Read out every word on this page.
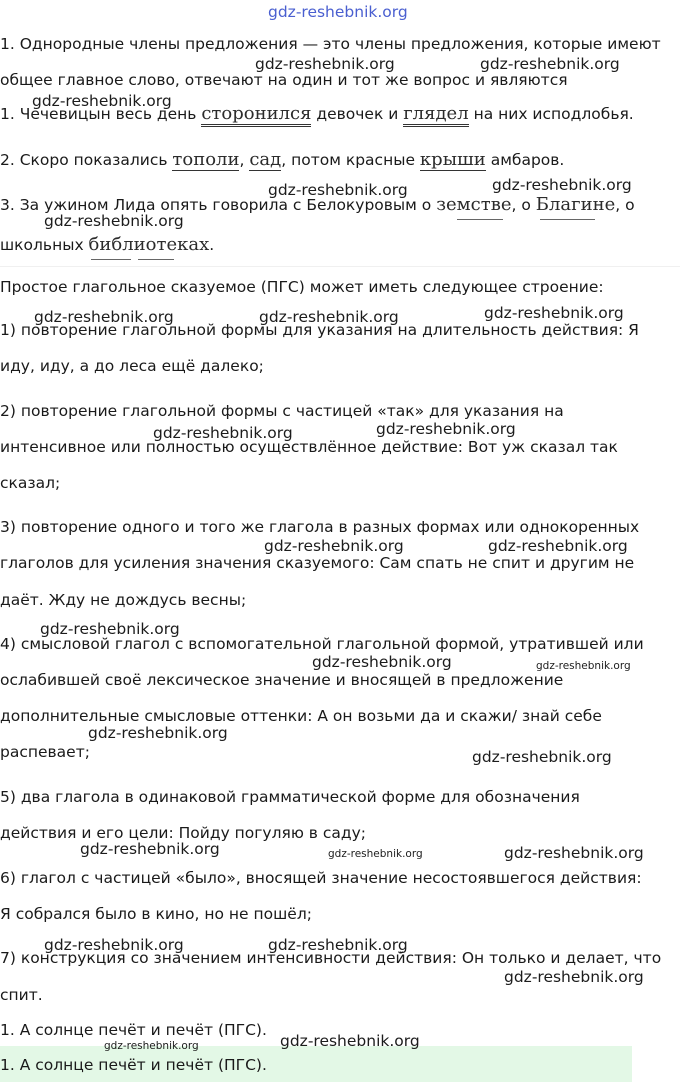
gdz-reshebnik.org
gdz-reshebnik.org	gdz-reshebnik.org
gdz-reshebnik.org
gdz-reshebnik.org	gdz-reshebnik.org
gdz-reshebnik.org
gdz-reshebnik.org	gdz-reshebnik.org	gdz-reshebnik.org
gdz-reshebnik.org	gdz-reshebnik.org
gdz-reshebnik.org	gdz-reshebnik.org
gdz-reshebnik.org
gdz-reshebnik.org	gdz-reshebnik.org
gdz-reshebnik.org
gdz-reshebnik.org
gdz-reshebnik.org	gdz-reshebnik.org	gdz-reshebnik.org
gdz-reshebnik.org	gdz-reshebnik.org
gdz-reshebnik.org
gdz-reshebnik.org
gdz-reshebnik.org
1. Однородные члены предложения — это члены предложения, которые имеют
общее главное слово, отвечают на один и тот же вопрос и являются
1. Чечевицын весь день сторонился девочек и глядел на них исподлобья.
2. Скоро показались тополи, сад, потом красные крыши амбаров.
3. За ужином Лида опять говорила с Белокуровым о земстве, о Благине, о
школьных библиотеках.
Простое глагольное сказуемое (ПГС) может иметь следующее строение:
1) повторение глагольной формы для указания на длительность действия: Я
иду, иду, а до леса ещё далеко;
2) повторение глагольной формы с частицей «так» для указания на
интенсивное или полностью осуществлённое действие: Вот уж сказал так
сказал;
3) повторение одного и того же глагола в разных формах или однокоренных
глаголов для усиления значения сказуемого: Сам спать не спит и другим не
даёт. Жду не дождусь весны;
4) смысловой глагол с вспомогательной глагольной формой, утратившей или
ослабившей своё лексическое значение и вносящей в предложение
дополнительные смысловые оттенки: А он возьми да и скажи/ знай себе
распевает;
5) два глагола в одинаковой грамматической форме для обозначения
действия и его цели: Пойду погуляю в саду;
6) глагол с частицей «было», вносящей значение несостоявшегося действия:
Я собрался было в кино, но не пошёл;
7) конструкция со значением интенсивности действия: Он только и делает, что
спит.
1. А солнце печёт и печёт (ПГС).
1. А солнце печёт и печёт (ПГС).
